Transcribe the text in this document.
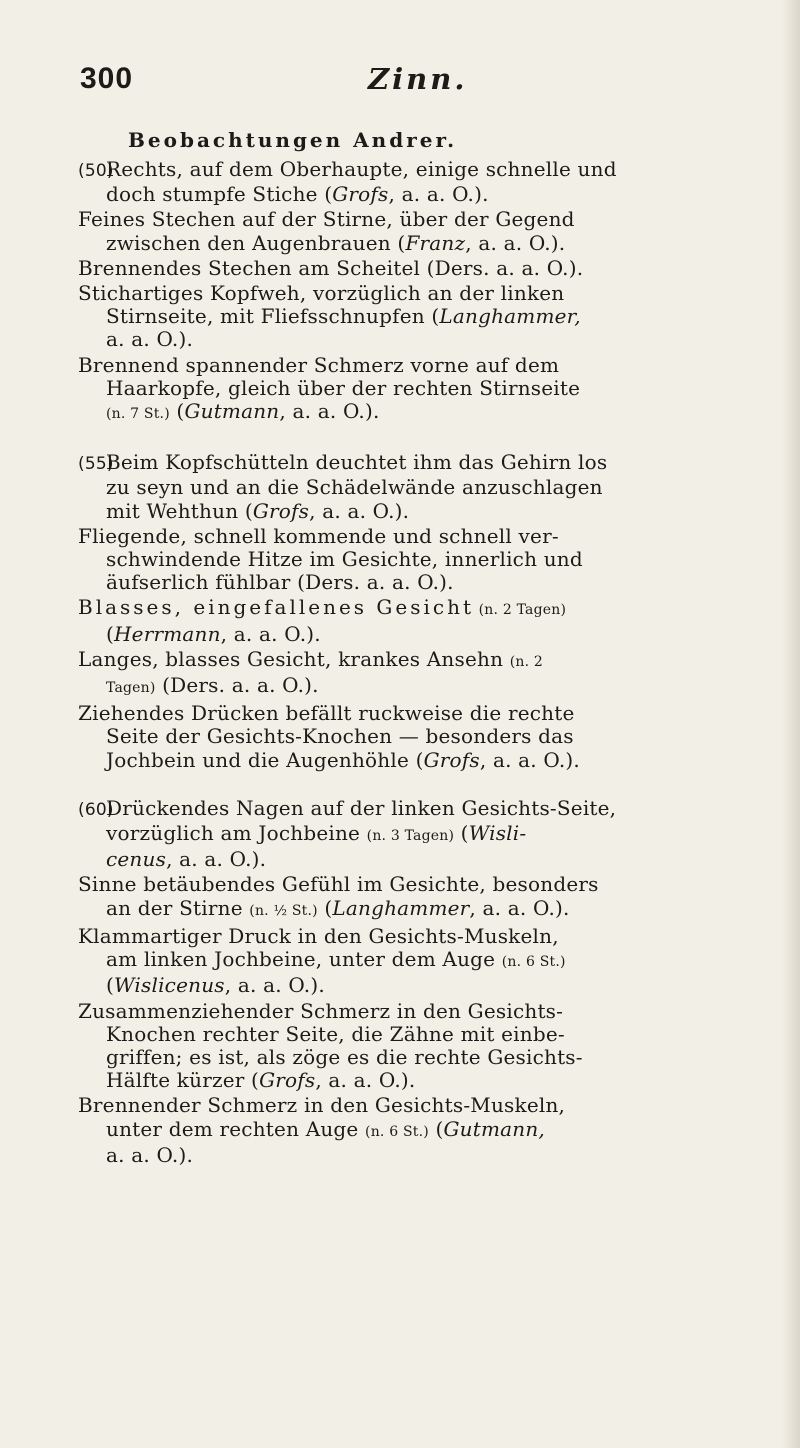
300	Zinn.
Beobachtungen Andrer.
(50)Rechts, auf dem Oberhaupte, einige schnelle und
doch stumpfe Stiche (Grofs, a. a. O.).
Feines Stechen auf der Stirne, über der Gegend
zwischen den Augenbrauen (Franz, a. a. O.).
Brennendes Stechen am Scheitel (Ders. a. a. O.).
Stichartiges Kopfweh, vorzüglich an der linken
Stirnseite, mit Fliefsschnupfen (Langhammer,
a. a. O.).
Brennend spannender Schmerz vorne auf dem
Haarkopfe, gleich über der rechten Stirnseite
(n. 7 St.) (Gutmann, a. a. O.).
(55)Beim Kopfschütteln deuchtet ihm das Gehirn los
zu seyn und an die Schädelwände anzuschlagen
mit Wehthun (Grofs, a. a. O.).
Fliegende, schnell kommende und schnell ver-
schwindende Hitze im Gesichte, innerlich und
äufserlich fühlbar (Ders. a. a. O.).
Blasses, eingefallenes Gesicht (n. 2 Tagen)
(Herrmann, a. a. O.).
Langes, blasses Gesicht, krankes Ansehn (n. 2
Tagen) (Ders. a. a. O.).
Ziehendes Drücken befällt ruckweise die rechte
Seite der Gesichts-Knochen — besonders das
Jochbein und die Augenhöhle (Grofs, a. a. O.).
(60)Drückendes Nagen auf der linken Gesichts-Seite,
vorzüglich am Jochbeine (n. 3 Tagen) (Wisli-
cenus, a. a. O.).
Sinne betäubendes Gefühl im Gesichte, besonders
an der Stirne (n. ½ St.) (Langhammer, a. a. O.).
Klammartiger Druck in den Gesichts-Muskeln,
am linken Jochbeine, unter dem Auge (n. 6 St.)
(Wislicenus, a. a. O.).
Zusammenziehender Schmerz in den Gesichts-
Knochen rechter Seite, die Zähne mit einbe-
griffen; es ist, als zöge es die rechte Gesichts-
Hälfte kürzer (Grofs, a. a. O.).
Brennender Schmerz in den Gesichts-Muskeln,
unter dem rechten Auge (n. 6 St.) (Gutmann,
a. a. O.).
